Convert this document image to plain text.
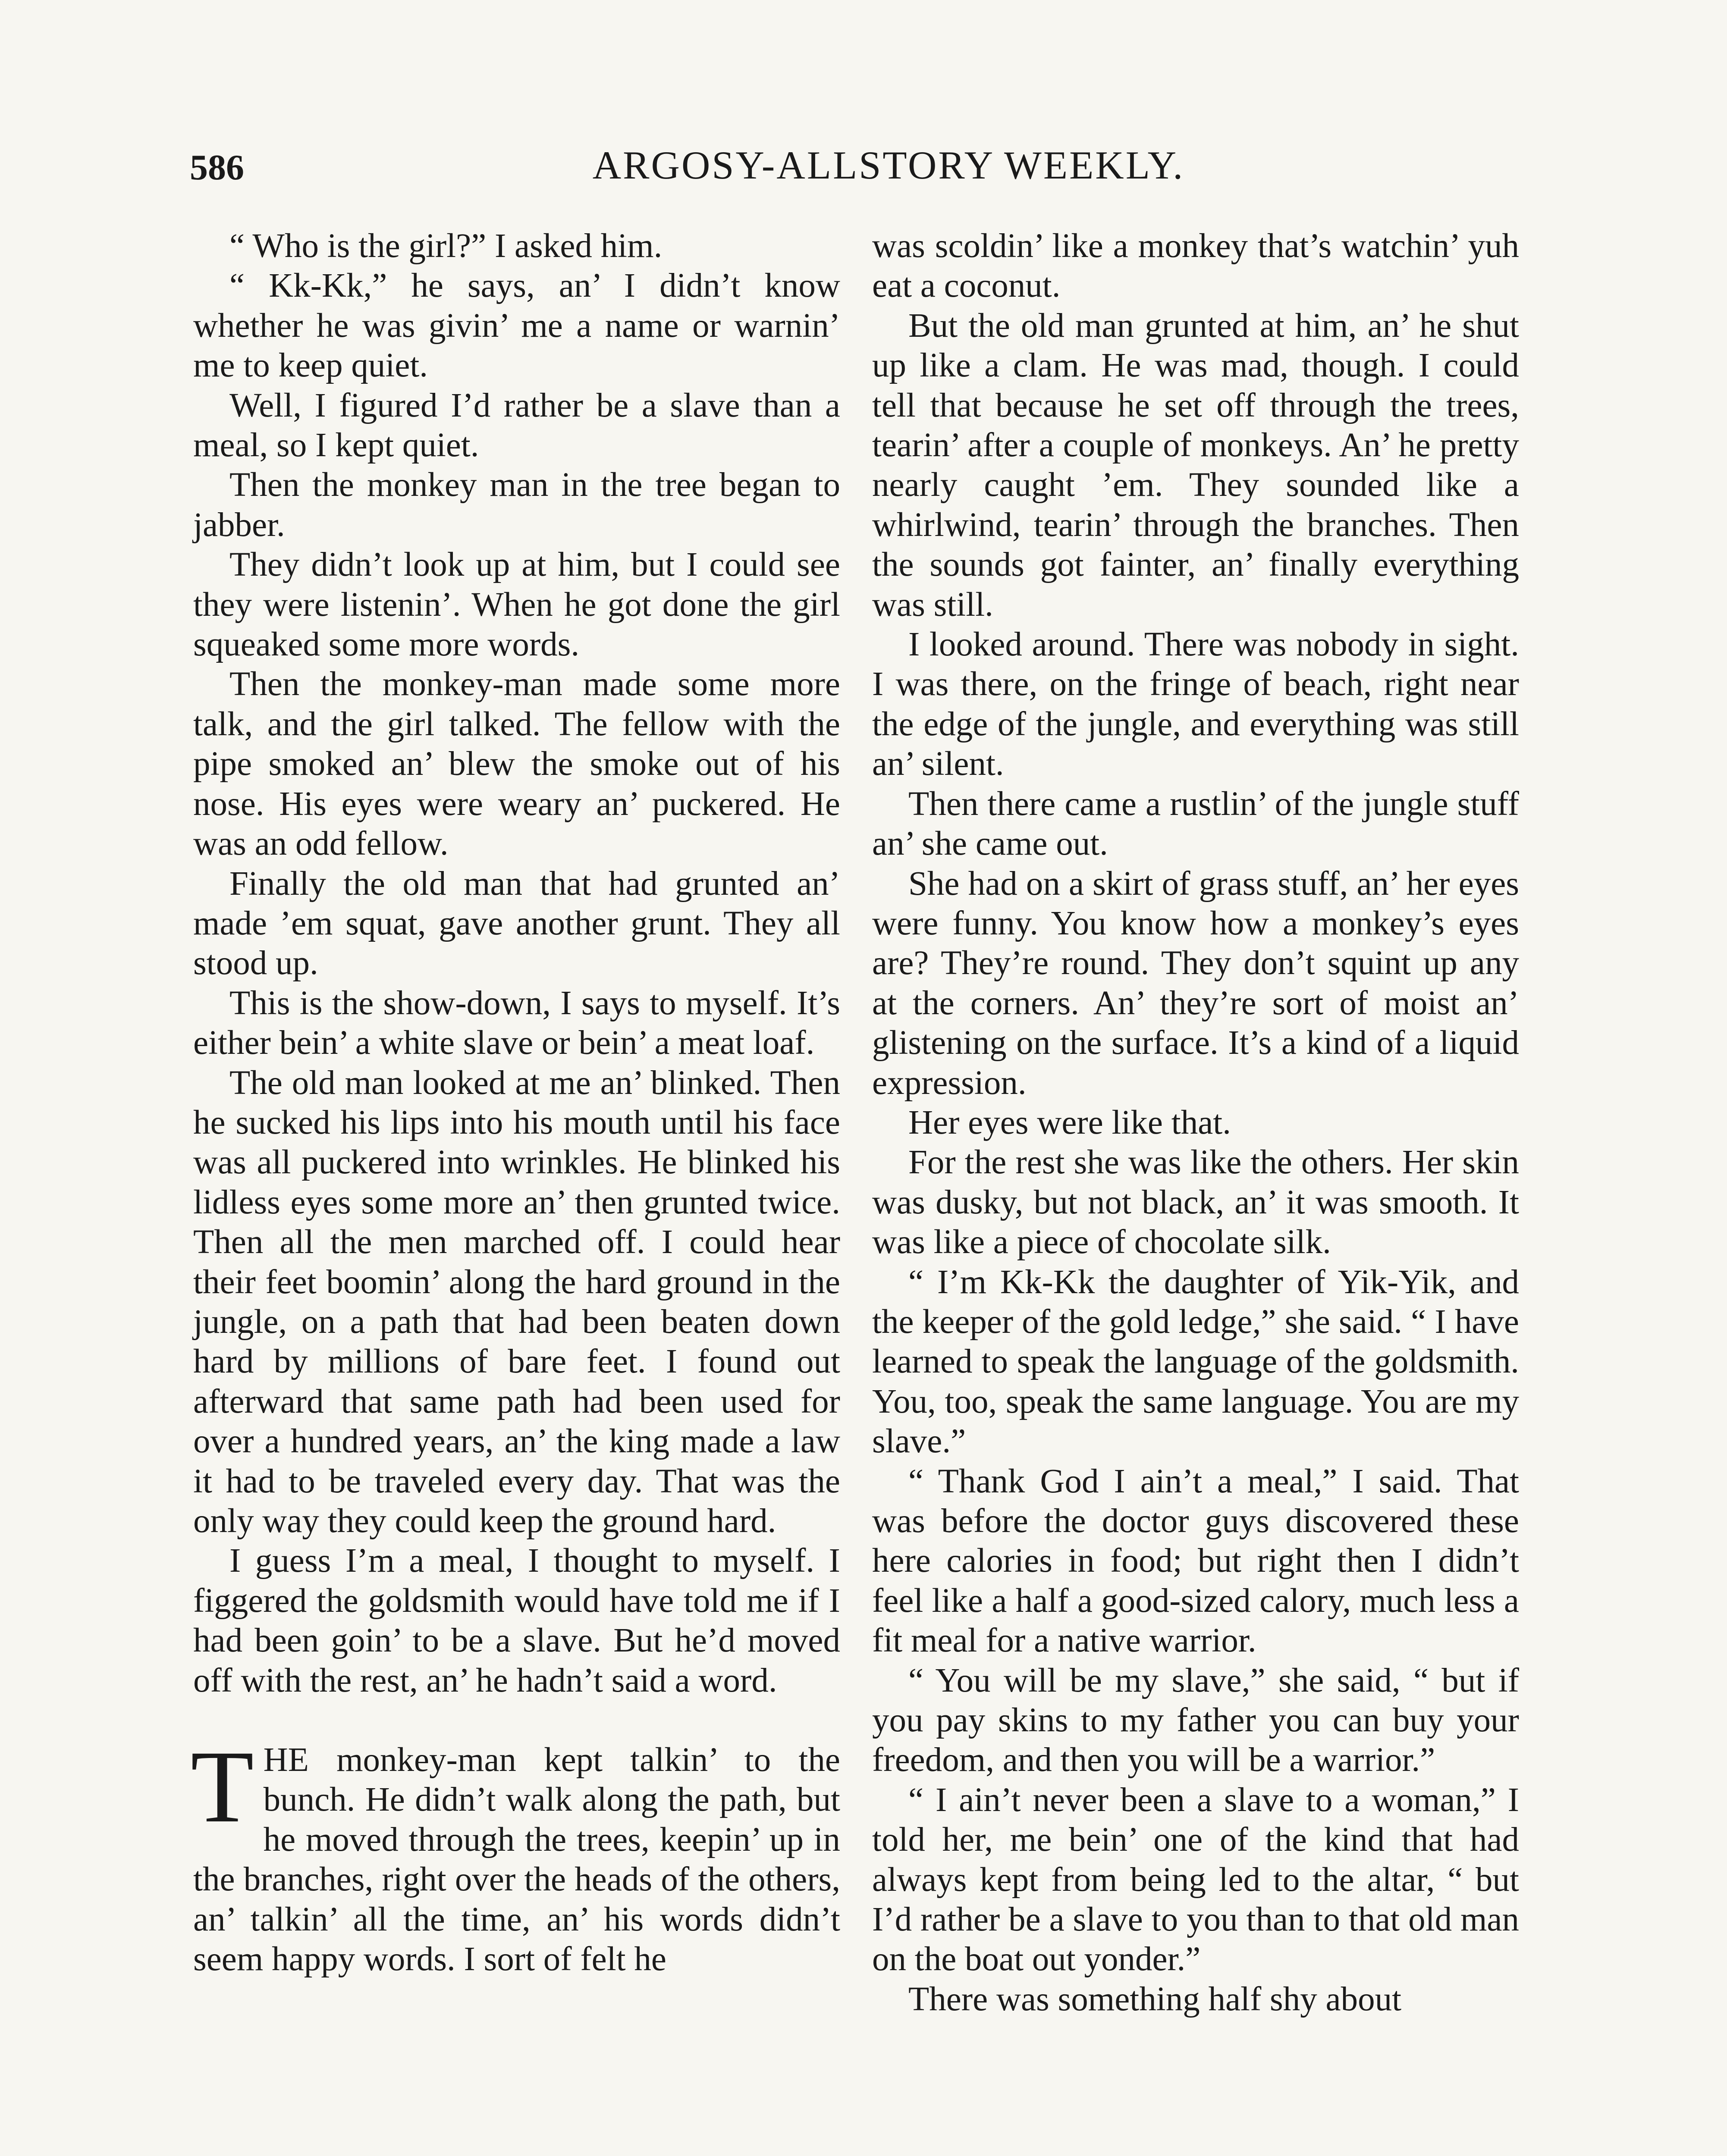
586	ARGOSY-ALLSTORY WEEKLY.

“ Who is the girl?” I asked him.

“ Kk-Kk,” he says, an’ I didn’t know whether he was givin’ me a name or warnin’ me to keep quiet.

Well, I figured I’d rather be a slave than a meal, so I kept quiet.

Then the monkey man in the tree began to jabber.

They didn’t look up at him, but I could see they were listenin’. When he got done the girl squeaked some more words.

Then the monkey-man made some more talk, and the girl talked. The fellow with the pipe smoked an’ blew the smoke out of his nose. His eyes were weary an’ puckered. He was an odd fellow.

Finally the old man that had grunted an’ made ’em squat, gave another grunt. They all stood up.

This is the show-down, I says to myself. It’s either bein’ a white slave or bein’ a meat loaf.

The old man looked at me an’ blinked. Then he sucked his lips into his mouth until his face was all puckered into wrinkles. He blinked his lidless eyes some more an’ then grunted twice. Then all the men marched off. I could hear their feet boomin’ along the hard ground in the jungle, on a path that had been beaten down hard by millions of bare feet. I found out afterward that same path had been used for over a hundred years, an’ the king made a law it had to be traveled every day. That was the only way they could keep the ground hard.

I guess I’m a meal, I thought to myself. I figgered the goldsmith would have told me if I had been goin’ to be a slave. But he’d moved off with the rest, an’ he hadn’t said a word.

THE monkey-man kept talkin’ to the bunch. He didn’t walk along the path, but he moved through the trees, keepin’ up in the branches, right over the heads of the others, an’ talkin’ all the time, an’ his words didn’t seem happy words. I sort of felt he

was scoldin’ like a monkey that’s watchin’ yuh eat a coconut.

But the old man grunted at him, an’ he shut up like a clam. He was mad, though. I could tell that because he set off through the trees, tearin’ after a couple of monkeys. An’ he pretty nearly caught ’em. They sounded like a whirlwind, tearin’ through the branches. Then the sounds got fainter, an’ finally everything was still.

I looked around. There was nobody in sight. I was there, on the fringe of beach, right near the edge of the jungle, and everything was still an’ silent.

Then there came a rustlin’ of the jungle stuff an’ she came out.

She had on a skirt of grass stuff, an’ her eyes were funny. You know how a monkey’s eyes are? They’re round. They don’t squint up any at the corners. An’ they’re sort of moist an’ glistening on the surface. It’s a kind of a liquid expression.

Her eyes were like that.

For the rest she was like the others. Her skin was dusky, but not black, an’ it was smooth. It was like a piece of chocolate silk.

“ I’m Kk-Kk the daughter of Yik-Yik, and the keeper of the gold ledge,” she said. “ I have learned to speak the language of the goldsmith. You, too, speak the same language. You are my slave.”

“ Thank God I ain’t a meal,” I said. That was before the doctor guys discovered these here calories in food; but right then I didn’t feel like a half a good-sized calory, much less a fit meal for a native warrior.

“ You will be my slave,” she said, “ but if you pay skins to my father you can buy your freedom, and then you will be a warrior.”

“ I ain’t never been a slave to a woman,” I told her, me bein’ one of the kind that had always kept from being led to the altar, “ but I’d rather be a slave to you than to that old man on the boat out yonder.”

There was something half shy about
